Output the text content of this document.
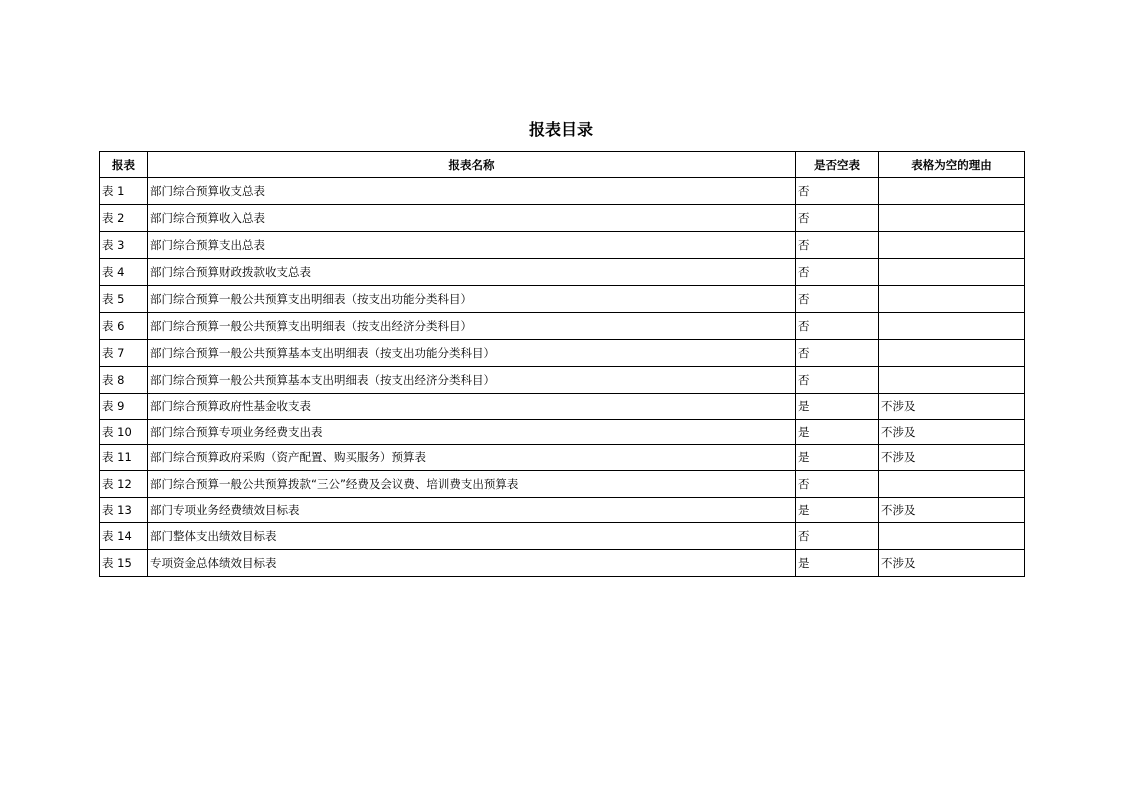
报表目录
报表	报表名称	是否空表	表格为空的理由
表 1	部门综合预算收支总表	否	
表 2	部门综合预算收入总表	否	
表 3	部门综合预算支出总表	否	
表 4	部门综合预算财政拨款收支总表	否	
表 5	部门综合预算一般公共预算支出明细表（按支出功能分类科目）	否	
表 6	部门综合预算一般公共预算支出明细表（按支出经济分类科目）	否	
表 7	部门综合预算一般公共预算基本支出明细表（按支出功能分类科目）	否	
表 8	部门综合预算一般公共预算基本支出明细表（按支出经济分类科目）	否	
表 9	部门综合预算政府性基金收支表	是	不涉及
表 10	部门综合预算专项业务经费支出表	是	不涉及
表 11	部门综合预算政府采购（资产配置、购买服务）预算表	是	不涉及
表 12	部门综合预算一般公共预算拨款“三公”经费及会议费、培训费支出预算表	否	
表 13	部门专项业务经费绩效目标表	是	不涉及
表 14	部门整体支出绩效目标表	否	
表 15	专项资金总体绩效目标表	是	不涉及
